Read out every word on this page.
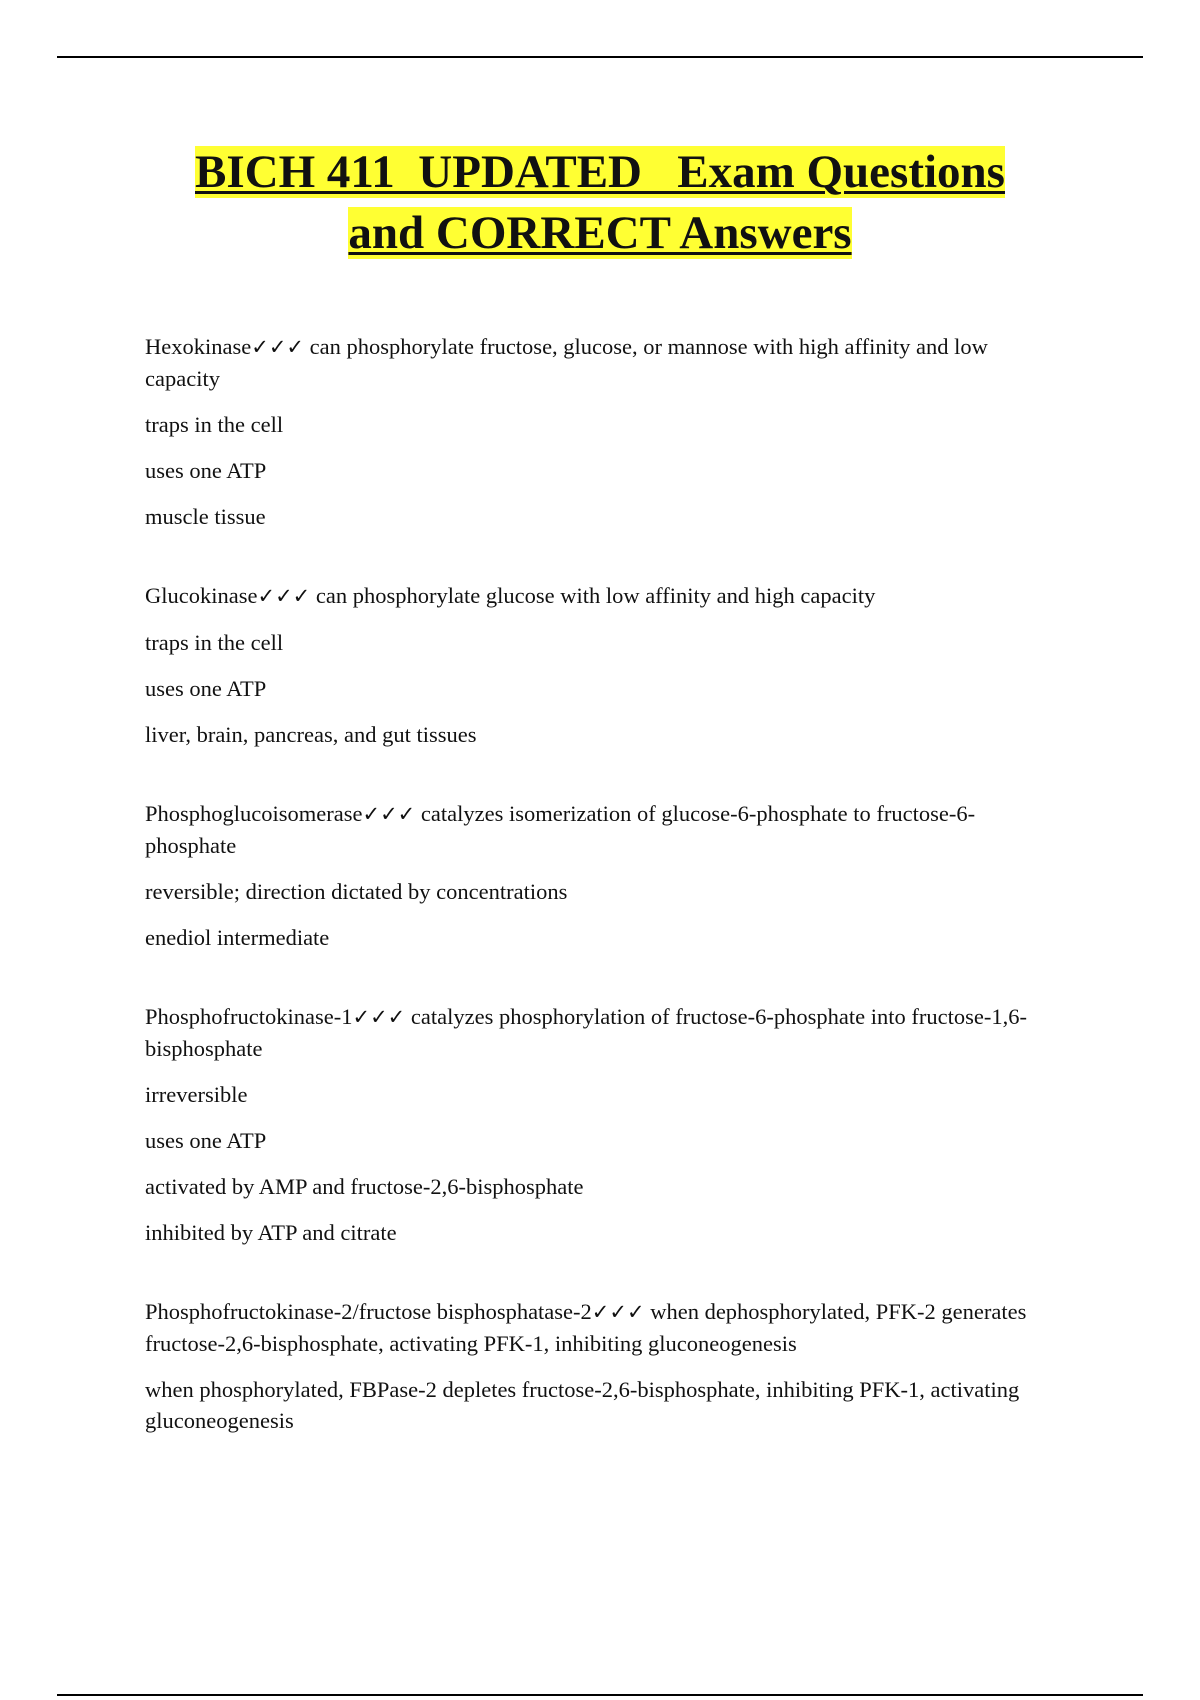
BICH 411  UPDATED   Exam Questions
and CORRECT Answers

Hexokinase✓✓✓ can phosphorylate fructose, glucose, or mannose with high affinity and low capacity

traps in the cell

uses one ATP

muscle tissue

Glucokinase✓✓✓ can phosphorylate glucose with low affinity and high capacity

traps in the cell

uses one ATP

liver, brain, pancreas, and gut tissues

Phosphoglucoisomerase✓✓✓ catalyzes isomerization of glucose-6-phosphate to fructose-6-phosphate

reversible; direction dictated by concentrations

enediol intermediate

Phosphofructokinase-1✓✓✓ catalyzes phosphorylation of fructose-6-phosphate into fructose-1,6-bisphosphate

irreversible

uses one ATP

activated by AMP and fructose-2,6-bisphosphate

inhibited by ATP and citrate

Phosphofructokinase-2/fructose bisphosphatase-2✓✓✓ when dephosphorylated, PFK-2 generates fructose-2,6-bisphosphate, activating PFK-1, inhibiting gluconeogenesis

when phosphorylated, FBPase-2 depletes fructose-2,6-bisphosphate, inhibiting PFK-1, activating gluconeogenesis
